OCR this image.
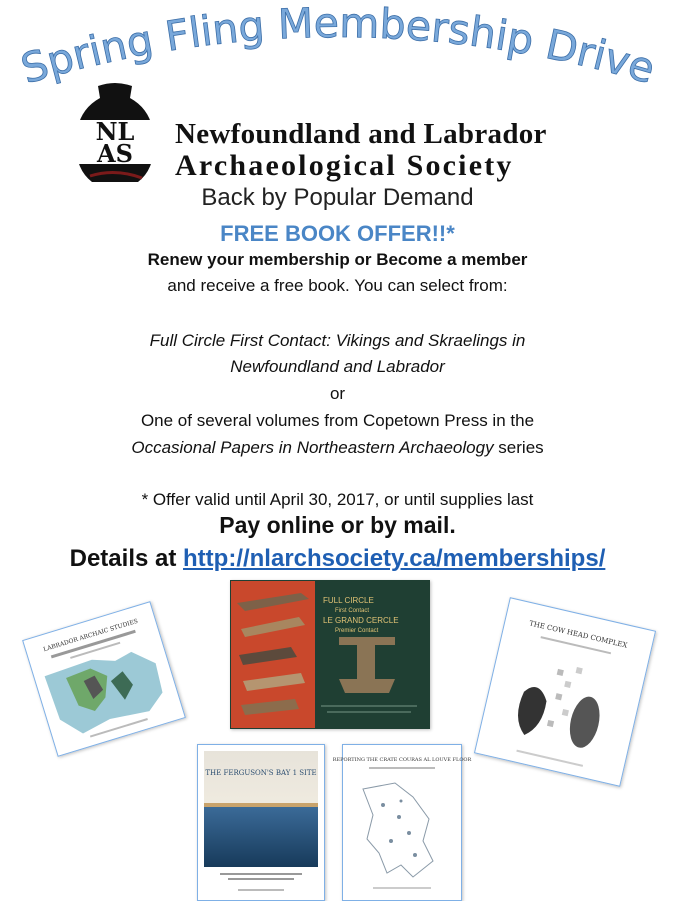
Spring Fling Membership Drive
NL
AS
Newfoundland and Labrador
Archaeological Society
Back by Popular Demand
FREE BOOK OFFER!!*
Renew your membership or Become a member
and receive a free book. You can select from:
Full Circle First Contact: Vikings and Skraelings in
Newfoundland and Labrador
or
One of several volumes from Copetown Press in the
Occasional Papers in Northeastern Archaeology series
* Offer valid until April 30, 2017, or until supplies last
Pay online or by mail.
Details at http://nlarchsociety.ca/memberships/
LABRADOR ARCHAIC STUDIES
FULL CIRCLE
First Contact
LE GRAND CERCLE
Premier Contact	THE COW HEAD COMPLEX
THE FERGUSON'S BAY 1 SITE
REPORTING THE CRATE COURAS AL LOUVE FLOOR
